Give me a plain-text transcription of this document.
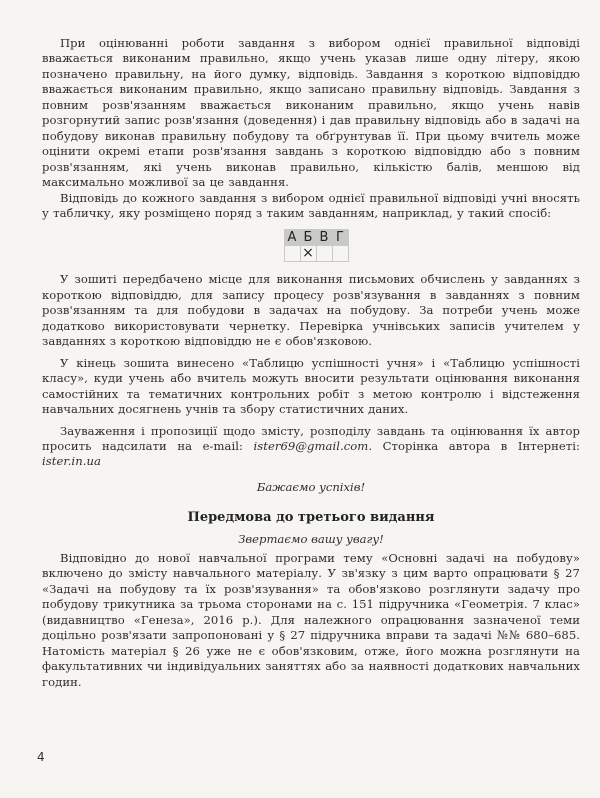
При оцінюванні роботи завдання з вибором однієї правильної відповіді вважається виконаним правильно, якщо учень указав лише одну літеру, якою позначено правильну, на його думку, відповідь. Завдання з короткою відповіддю вважається виконаним правильно, якщо записано правильну відповідь. Завдання з повним розв'язанням вважається виконаним правильно, якщо учень навів розгорнутий запис розв'язання (доведення) і дав правильну відповідь або в задачі на побудову виконав правильну побудову та обґрунтував її. При цьому вчитель може оцінити окремі етапи розв'язання завдань з короткою відповіддю або з повним розв'язанням, які учень виконав правильно, кількістю балів, меншою від максимально можливої за це завдання.

Відповідь до кожного завдання з вибором однієї правильної відповіді учні вносять у табличку, яку розміщено поряд з таким завданням, наприклад, у такий спосіб:

А	Б	В	Г
	×		

У зошиті передбачено місце для виконання письмових обчислень у завданнях з короткою відповіддю, для запису процесу розв'язування в завданнях з повним розв'язанням та для побудови в задачах на побудову. За потреби учень може додатково використовувати чернетку. Перевірка учнівських записів учителем у завданнях з короткою відповіддю не є обов'язковою.

У кінець зошита винесено «Таблицю успішності учня» і «Таблицю успішності класу», куди учень або вчитель можуть вносити результати оцінювання виконання самостійних та тематичних контрольних робіт з метою контролю і відстеження навчальних досягнень учнів та збору статистичних даних.

Зауваження і пропозиції щодо змісту, розподілу завдань та оцінювання їх автор просить надсилати на e-mail: ister69@gmail.com. Сторінка автора в Інтернеті: ister.in.ua

Бажаємо успіхів!

Передмова до третього видання

Звертаємо вашу увагу!

Відповідно до нової навчальної програми тему «Основні задачі на побудову» включено до змісту навчального матеріалу. У зв'язку з цим варто опрацювати § 27 «Задачі на побудову та їх розв'язування» та обов'язково розглянути задачу про побудову трикутника за трьома сторонами на с. 151 підручника «Геометрія. 7 клас» (видавництво «Генеза», 2016 р.). Для належного опрацювання зазначеної теми доцільно розв'язати запропоновані у § 27 підручника вправи та задачі №№ 680–685. Натомість матеріал § 26 уже не є обов'язковим, отже, його можна розглянути на факультативних чи індивідуальних заняттях або за наявності додаткових навчальних годин.

4
